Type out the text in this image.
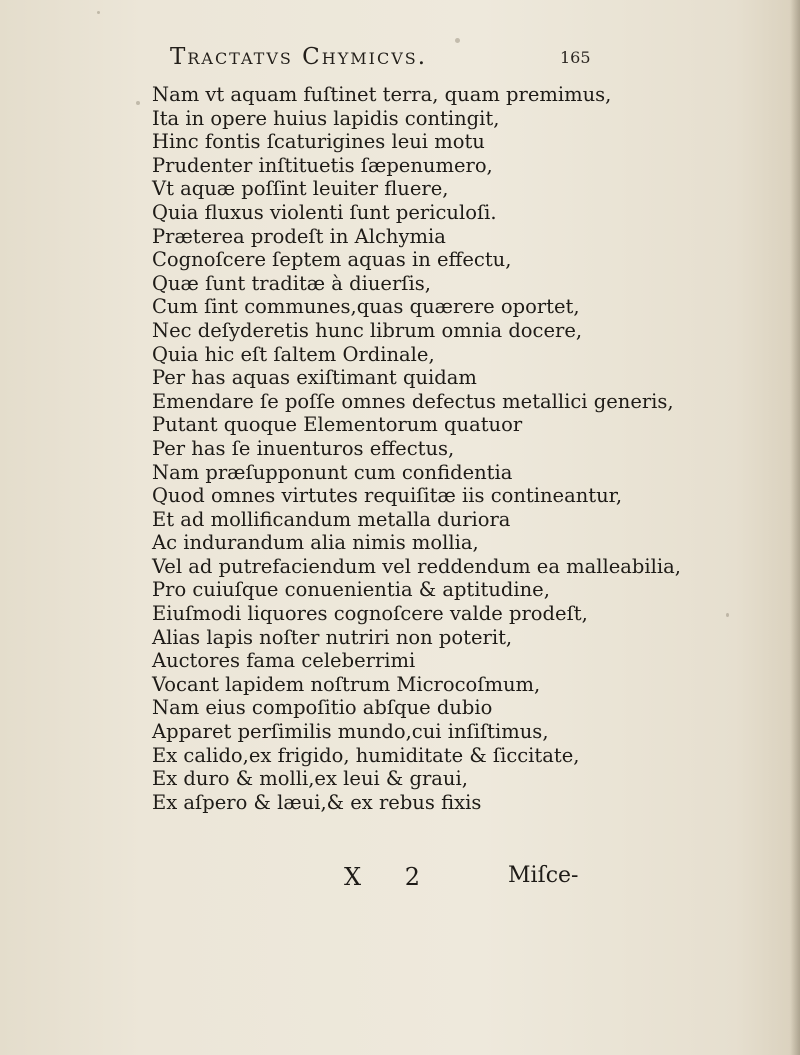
Tractatvs Chymicvs.	165
Nam vt aquam fuſtinet terra, quam premimus,
Ita in opere huius lapidis contingit,
Hinc fontis ſcaturigines leui motu
Prudenter inſtituetis ſæpenumero,
Vt aquæ poſſint leuiter fluere,
Quia fluxus violenti ſunt periculoſi.
Præterea prodeſt in Alchymia
Cognoſcere ſeptem aquas in effectu,
Quæ ſunt traditæ à diuerſis,
Cum ſint communes,quas quærere oportet,
Nec deſyderetis hunc librum omnia docere,
Quia hic eſt ſaltem Ordinale,
Per has aquas exiſtimant quidam
Emendare ſe poſſe omnes defectus metallici generis,
Putant quoque Elementorum quatuor
Per has ſe inuenturos effectus,
Nam præſupponunt cum confidentia
Quod omnes virtutes requiſitæ iis contineantur,
Et ad mollificandum metalla duriora
Ac indurandum alia nimis mollia,
Vel ad putrefaciendum vel reddendum ea malleabilia,
Pro cuiuſque conuenientia & aptitudine,
Eiuſmodi liquores cognoſcere valde prodeſt,
Alias lapis noſter nutriri non poterit,
Auctores fama celeberrimi
Vocant lapidem noſtrum Microcoſmum,
Nam eius compoſitio abſque dubio
Apparet perſimilis mundo,cui inſiſtimus,
Ex calido,ex frigido, humiditate & ſiccitate,
Ex duro & molli,ex leui & graui,
Ex aſpero & læui,& ex rebus fixis
X 2	Miſce-
